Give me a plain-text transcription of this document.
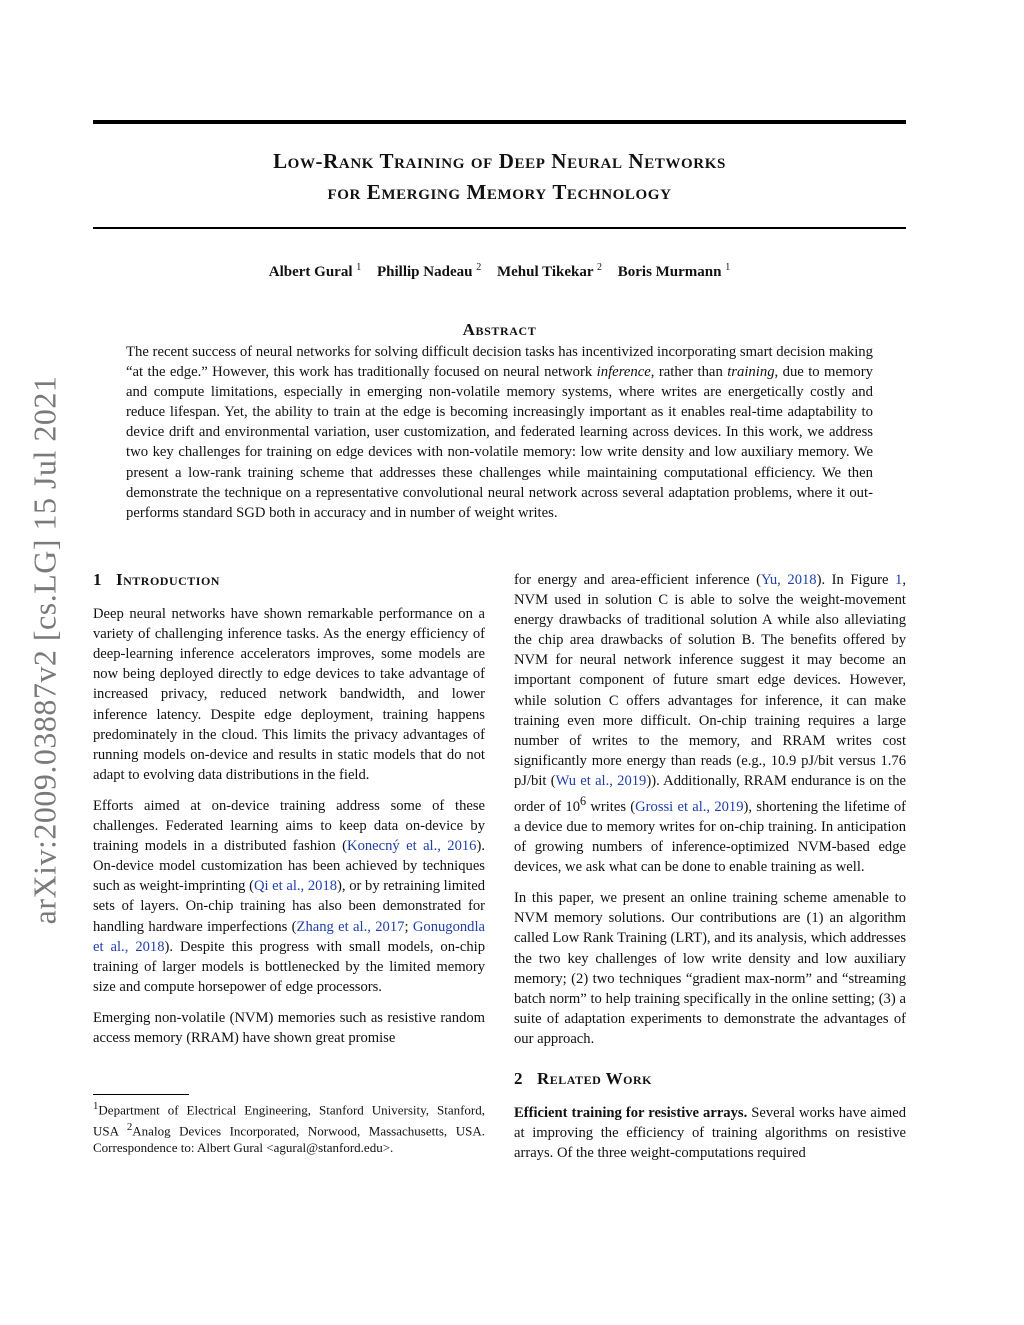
arXiv:2009.03887v2 [cs.LG] 15 Jul 2021
Low-Rank Training of Deep Neural Networks
for Emerging Memory Technology
Albert Gural $^1$ Phillip Nadeau $^2$ Mehul Tikekar $^2$ Boris Murmann $^1$
Abstract
The recent success of neural networks for solving difficult decision tasks has incentivized incorporating smart decision making “at the edge.” However, this work has traditionally focused on neural network inference, rather than training, due to memory and compute limitations, especially in emerging non-volatile memory systems, where writes are energetically costly and reduce lifespan. Yet, the ability to train at the edge is becoming increasingly important as it enables real-time adaptability to device drift and environmental variation, user customization, and federated learning across devices. In this work, we address two key challenges for training on edge devices with non-volatile memory: low write density and low auxiliary memory. We present a low-rank training scheme that addresses these challenges while maintaining computational efficiency. We then demonstrate the technique on a representative convolutional neural network across several adaptation problems, where it out-performs standard SGD both in accuracy and in number of weight writes.
1 Introduction

Deep neural networks have shown remarkable performance on a variety of challenging inference tasks. As the energy efficiency of deep-learning inference accelerators improves, some models are now being deployed directly to edge devices to take advantage of increased privacy, reduced network bandwidth, and lower inference latency. Despite edge deployment, training happens predominately in the cloud. This limits the privacy advantages of running models on-device and results in static models that do not adapt to evolving data distributions in the field.

Efforts aimed at on-device training address some of these challenges. Federated learning aims to keep data on-device by training models in a distributed fashion (Konecný et al., 2016). On-device model customization has been achieved by techniques such as weight-imprinting (Qi et al., 2018), or by retraining limited sets of layers. On-chip training has also been demonstrated for handling hardware imperfections (Zhang et al., 2017; Gonugondla et al., 2018). Despite this progress with small models, on-chip training of larger models is bottlenecked by the limited memory size and compute horsepower of edge processors.

Emerging non-volatile (NVM) memories such as resistive random access memory (RRAM) have shown great promise

for energy and area-efficient inference (Yu, 2018). In Figure 1, NVM used in solution C is able to solve the weight-movement energy drawbacks of traditional solution A while also alleviating the chip area drawbacks of solution B. The benefits offered by NVM for neural network inference suggest it may become an important component of future smart edge devices. However, while solution C offers advantages for inference, it can make training even more difficult. On-chip training requires a large number of writes to the memory, and RRAM writes cost significantly more energy than reads (e.g., 10.9 pJ/bit versus 1.76 pJ/bit (Wu et al., 2019)). Additionally, RRAM endurance is on the order of $10^6$ writes (Grossi et al., 2019), shortening the lifetime of a device due to memory writes for on-chip training. In anticipation of growing numbers of inference-optimized NVM-based edge devices, we ask what can be done to enable training as well.

In this paper, we present an online training scheme amenable to NVM memory solutions. Our contributions are (1) an algorithm called Low Rank Training (LRT), and its analysis, which addresses the two key challenges of low write density and low auxiliary memory; (2) two techniques “gradient max-norm” and “streaming batch norm” to help training specifically in the online setting; (3) a suite of adaptation experiments to demonstrate the advantages of our approach.

2 Related Work

Efficient training for resistive arrays. Several works have aimed at improving the efficiency of training algorithms on resistive arrays. Of the three weight-computations required

$^1$Department of Electrical Engineering, Stanford University, Stanford, USA $^2$Analog Devices Incorporated, Norwood, Massachusetts, USA. Correspondence to: Albert Gural <agural@stanford.edu>.
